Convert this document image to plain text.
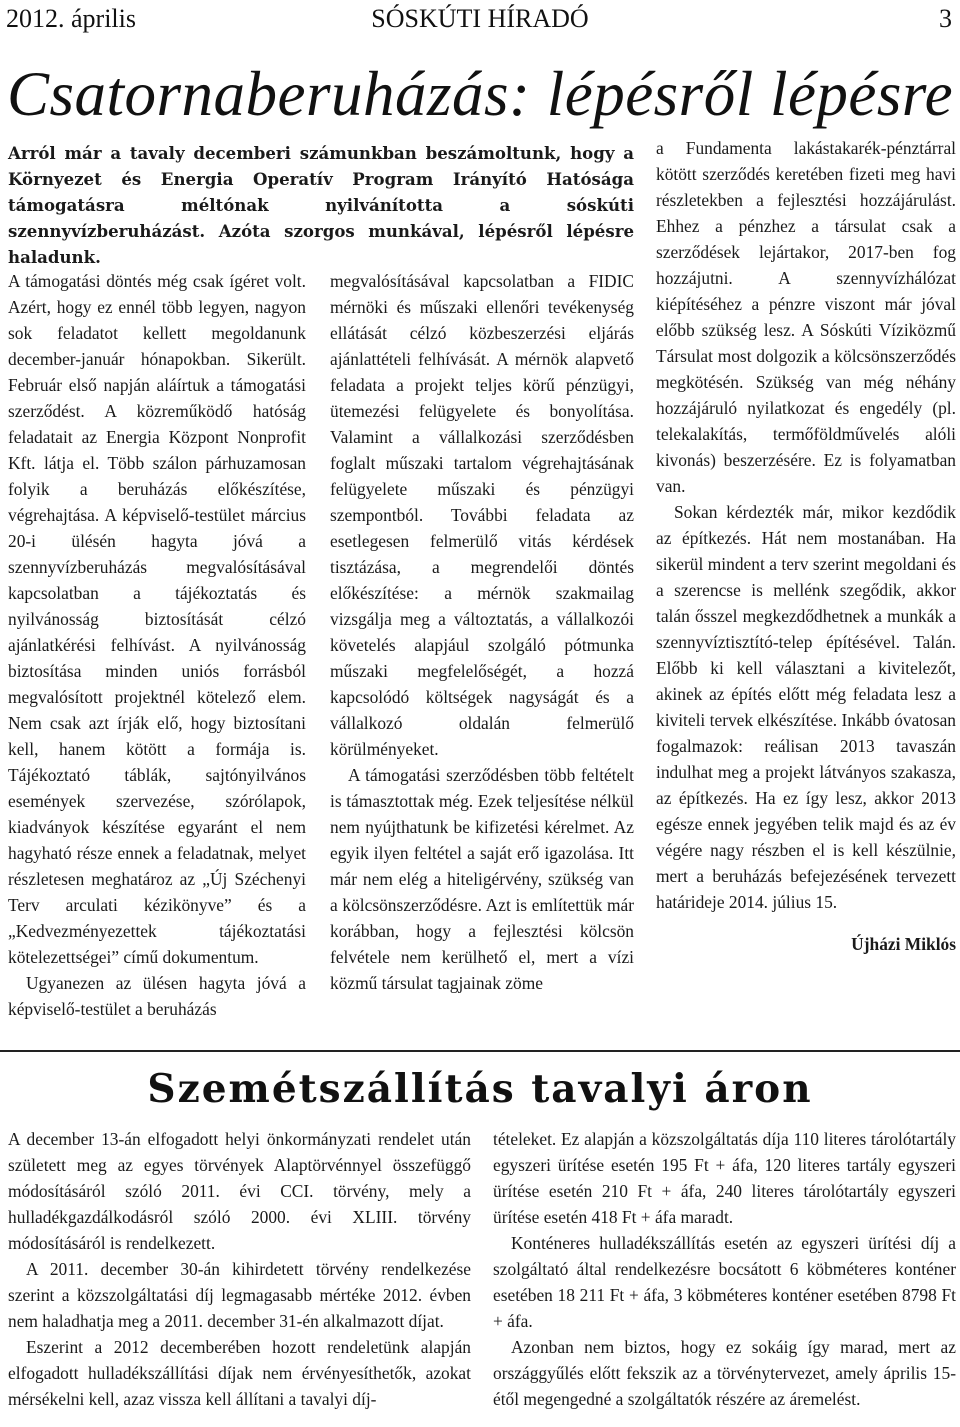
2012. április	SÓSKÚTI HÍRADÓ	3
Csatornaberuházás: lépésről lépésre
Arról már a tavaly decemberi számunkban beszámoltunk, hogy a Környezet és Energia Operatív Program Irányító Hatósága támogatásra méltónak nyilvánította a sóskúti szennyvízberuházást. Azóta szorgos munkával, lépésről lépésre haladunk.

A támogatási döntés még csak ígéret volt. Azért, hogy ez ennél több legyen, nagyon sok feladatot kellett megoldanunk december-január hónapokban. Sikerült. Február első napján aláírtuk a támogatási szerződést. A közreműködő hatóság feladatait az Energia Központ Nonprofit Kft. látja el. Több szálon párhuzamosan folyik a beruházás előkészítése, végrehajtása. A képviselő-testület március 20-i ülésén hagyta jóvá a szennyvízberuházás megvalósításával kapcsolatban a tájékoztatás és nyilvánosság biztosítását célzó ajánlatkérési felhívást. A nyilvánosság biztosítása minden uniós forrásból megvalósított projektnél kötelező elem. Nem csak azt írják elő, hogy biztosítani kell, hanem kötött a formája is. Tájékoztató táblák, sajtónyilvános események szervezése, szórólapok, kiadványok készítése egyaránt el nem hagyható része ennek a feladatnak, melyet részletesen meghatároz az „Új Széchenyi Terv arculati kézikönyve” és a „Kedvezményezettek tájékoztatási kötelezettségei” című dokumentum.

Ugyanezen az ülésen hagyta jóvá a képviselő-testület a beruházás

megvalósításával kapcsolatban a FIDIC mérnöki és műszaki ellenőri tevékenység ellátását célzó közbeszerzési eljárás ajánlattételi felhívását. A mérnök alapvető feladata a projekt teljes körű pénzügyi, ütemezési felügyelete és bonyolítása. Valamint a vállalkozási szerződésben foglalt műszaki tartalom végrehajtásának felügyelete műszaki és pénzügyi szempontból. További feladata az esetlegesen felmerülő vitás kérdések tisztázása, a megrendelői döntés előkészítése: a mérnök szakmailag vizsgálja meg a változtatás, a vállalkozói követelés alapjául szolgáló pótmunka műszaki megfelelőségét, a hozzá kapcsolódó költségek nagyságát és a vállalkozó oldalán felmerülő körülményeket.

A támogatási szerződésben több feltételt is támasztottak még. Ezek teljesítése nélkül nem nyújthatunk be kifizetési kérelmet. Az egyik ilyen feltétel a saját erő igazolása. Itt már nem elég a hiteligérvény, szükség van a kölcsönszerződésre. Azt is említettük már korábban, hogy a fejlesztési kölcsön felvétele nem kerülhető el, mert a vízi közmű társulat tagjainak zöme

a Fundamenta lakástakarék-pénztárral kötött szerződés keretében fizeti meg havi részletekben a fejlesztési hozzájárulást. Ehhez a pénzhez a társulat csak a szerződések lejártakor, 2017-ben fog hozzájutni. A szennyvízhálózat kiépítéséhez a pénzre viszont már jóval előbb szükség lesz. A Sóskúti Víziközmű Társulat most dolgozik a kölcsönszerződés megkötésén. Szükség van még néhány hozzájáruló nyilatkozat és engedély (pl. telekalakítás, termőföldművelés alóli kivonás) beszerzésére. Ez is folyamatban van.

Sokan kérdezték már, mikor kezdődik az építkezés. Hát nem mostanában. Ha sikerül mindent a terv szerint megoldani és a szerencse is mellénk szegődik, akkor talán ősszel megkezdődhetnek a munkák a szennyvíztisztító-telep építésével. Talán. Előbb ki kell választani a kivitelezőt, akinek az építés előtt még feladata lesz a kiviteli tervek elkészítése. Inkább óvatosan fogalmazok: reálisan 2013 tavaszán indulhat meg a projekt látványos szakasza, az építkezés. Ha ez így lesz, akkor 2013 egésze ennek jegyében telik majd és az év végére nagy részben el is kell készülnie, mert a beruházás befejezésének tervezett határideje 2014. július 15.

Újházi Miklós

Szemétszállítás tavalyi áron

A december 13-án elfogadott helyi önkormányzati rendelet után született meg az egyes törvények Alaptörvénnyel összefüggő módosításáról szóló 2011. évi CCI. törvény, mely a hulladékgazdálkodásról szóló 2000. évi XLIII. törvény módosításáról is rendelkezett.

A 2011. december 30-án kihirdetett törvény rendelkezése szerint a közszolgáltatási díj legmagasabb mértéke 2012. évben nem haladhatja meg a 2011. december 31-én alkalmazott díjat.

Eszerint a 2012 decemberében hozott rendeletünk alapján elfogadott hulladékszállítási díjak nem érvényesíthetők, azokat mérsékelni kell, azaz vissza kell állítani a tavalyi díj-

tételeket. Ez alapján a közszolgáltatás díja 110 literes tárolótartály egyszeri ürítése esetén 195 Ft + áfa, 120 literes tartály egyszeri ürítése esetén 210 Ft + áfa, 240 literes tárolótartály egyszeri ürítése esetén 418 Ft + áfa maradt.

Konténeres hulladékszállítás esetén az egyszeri ürítési díj a szolgáltató által rendelkezésre bocsátott 6 köbméteres konténer esetében 18 211 Ft + áfa, 3 köbméteres konténer esetében 8798 Ft + áfa.

Azonban nem biztos, hogy ez sokáig így marad, mert az országgyűlés előtt fekszik az a törvénytervezet, amely április 15-étől megengedné a szolgáltatók részére az áremelést.
